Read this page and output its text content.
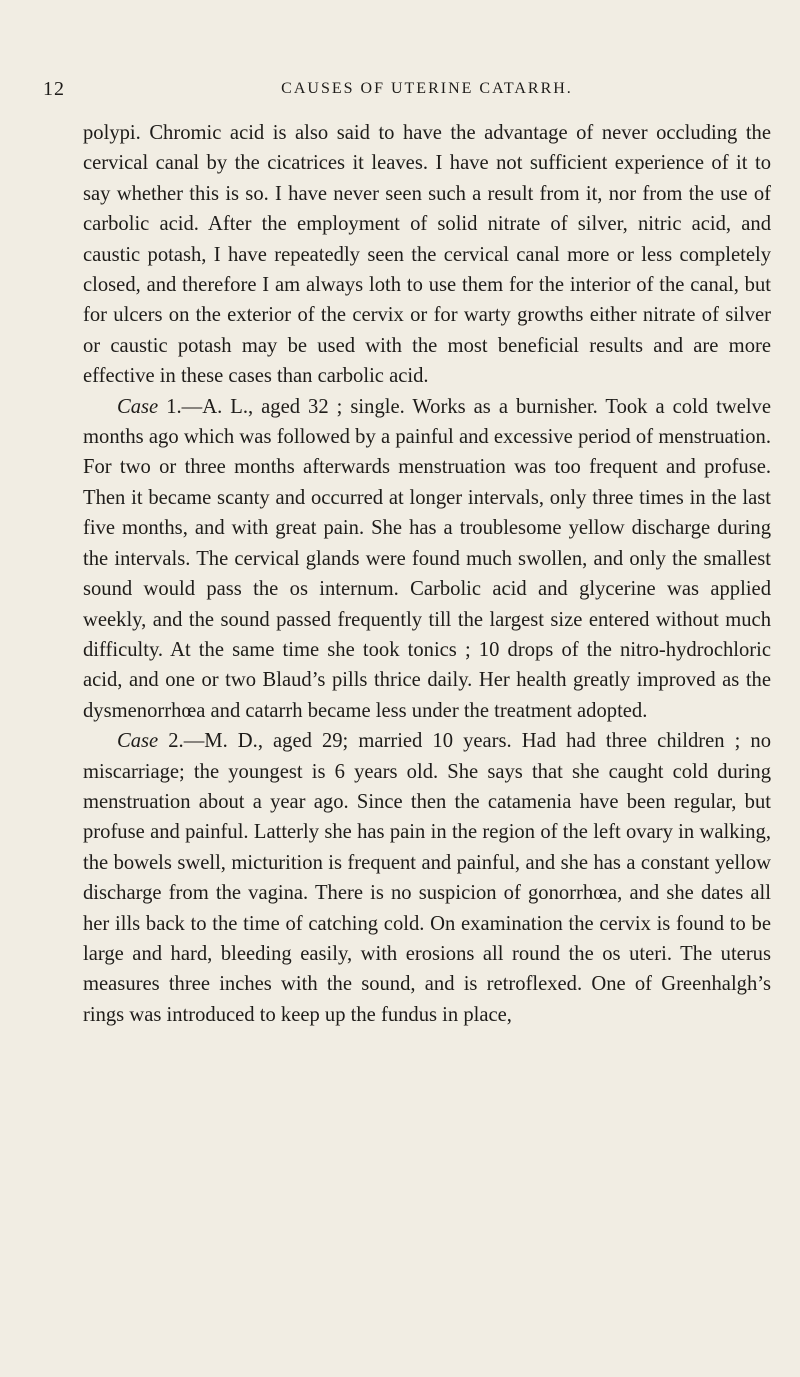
12	CAUSES OF UTERINE CATARRH.

polypi. Chromic acid is also said to have the advantage of never occluding the cervical canal by the cicatrices it leaves. I have not sufficient experience of it to say whether this is so. I have never seen such a result from it, nor from the use of carbolic acid. After the employment of solid nitrate of silver, nitric acid, and caustic potash, I have repeatedly seen the cervical canal more or less completely closed, and therefore I am always loth to use them for the interior of the canal, but for ulcers on the exterior of the cervix or for warty growths either nitrate of silver or caustic potash may be used with the most beneficial results and are more effective in these cases than carbolic acid.

Case 1.—A. L., aged 32 ; single. Works as a burnisher. Took a cold twelve months ago which was followed by a painful and excessive period of menstruation. For two or three months afterwards menstruation was too frequent and profuse. Then it became scanty and occurred at longer intervals, only three times in the last five months, and with great pain. She has a troublesome yellow discharge during the intervals. The cervical glands were found much swollen, and only the smallest sound would pass the os internum. Carbolic acid and glycerine was applied weekly, and the sound passed frequently till the largest size entered without much difficulty. At the same time she took tonics ; 10 drops of the nitro-hydrochloric acid, and one or two Blaud’s pills thrice daily. Her health greatly improved as the dysmenorrhœa and catarrh became less under the treatment adopted.

Case 2.—M. D., aged 29; married 10 years. Had had three children ; no miscarriage; the youngest is 6 years old. She says that she caught cold during menstruation about a year ago. Since then the catamenia have been regular, but profuse and painful. Latterly she has pain in the region of the left ovary in walking, the bowels swell, micturition is frequent and painful, and she has a constant yellow discharge from the vagina. There is no suspicion of gonorrhœa, and she dates all her ills back to the time of catching cold. On examination the cervix is found to be large and hard, bleeding easily, with erosions all round the os uteri. The uterus measures three inches with the sound, and is retroflexed. One of Greenhalgh’s rings was introduced to keep up the fundus in place,
